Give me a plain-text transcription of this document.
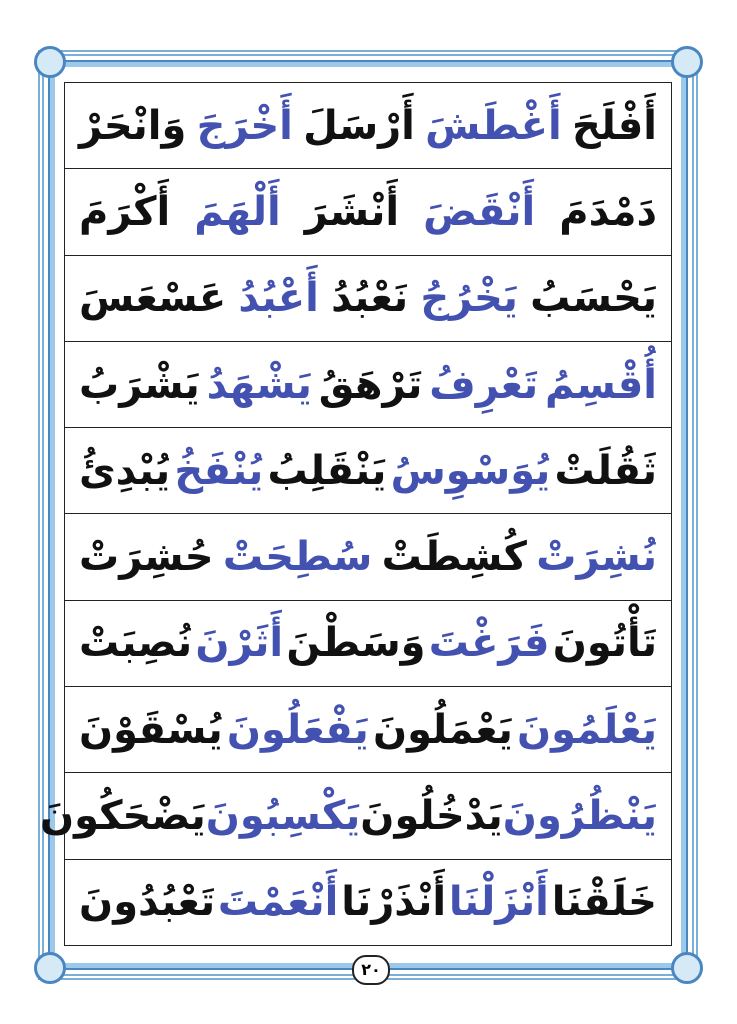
أَفْلَحَ
أَغْطَشَ
أَرْسَلَ
أَخْرَجَ
وَانْحَرْ
دَمْدَمَ
أَنْقَضَ
أَنْشَرَ
أَلْهَمَ
أَكْرَمَ
يَحْسَبُ
يَخْرُجُ
نَعْبُدُ
أَعْبُدُ
عَسْعَسَ
أُقْسِمُ
تَعْرِفُ
تَرْهَقُ
يَشْهَدُ
يَشْرَبُ
ثَقُلَتْ
يُوَسْوِسُ
يَنْقَلِبُ
يُنْفَخُ
يُبْدِئُ
نُشِرَتْ
كُشِطَتْ
سُطِحَتْ
حُشِرَتْ
تَأْتُونَ
فَرَغْتَ
وَسَطْنَ
أَثَرْنَ
نُصِبَتْ
يَعْلَمُونَ
يَعْمَلُونَ
يَفْعَلُونَ
يُسْقَوْنَ
يَنْظُرُونَ
يَدْخُلُونَ
يَكْسِبُونَ
يَضْحَكُونَ
خَلَقْنَا
أَنْزَلْنَا
أَنْذَرْنَا
أَنْعَمْتَ
تَعْبُدُونَ
٢٠
